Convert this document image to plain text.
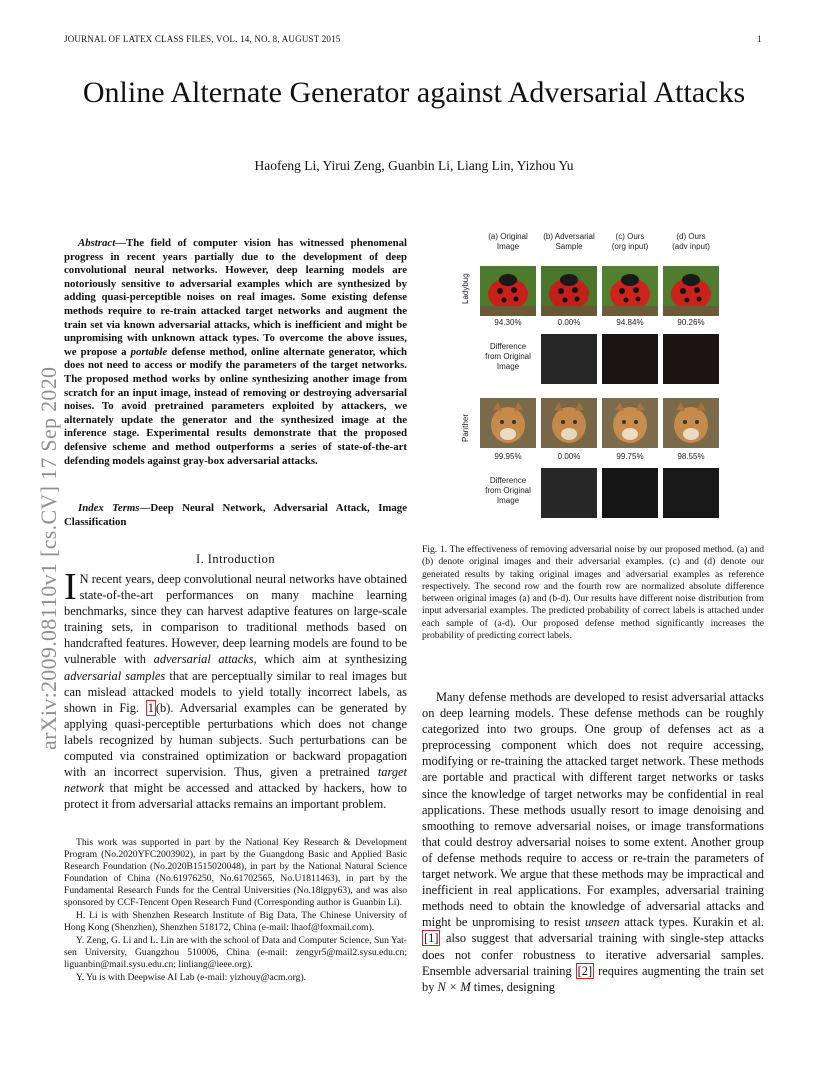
JOURNAL OF LATEX CLASS FILES, VOL. 14, NO. 8, AUGUST 2015	1
Online Alternate Generator against Adversarial Attacks
Haofeng Li, Yirui Zeng, Guanbin Li, Liang Lin, Yizhou Yu
arXiv:2009.08110v1 [cs.CV] 17 Sep 2020
Abstract—The field of computer vision has witnessed phenomenal progress in recent years partially due to the development of deep convolutional neural networks. However, deep learning models are notoriously sensitive to adversarial examples which are synthesized by adding quasi-perceptible noises on real images. Some existing defense methods require to re-train attacked target networks and augment the train set via known adversarial attacks, which is inefficient and might be unpromising with unknown attack types. To overcome the above issues, we propose a portable defense method, online alternate generator, which does not need to access or modify the parameters of the target networks. The proposed method works by online synthesizing another image from scratch for an input image, instead of removing or destroying adversarial noises. To avoid pretrained parameters exploited by attackers, we alternately update the generator and the synthesized image at the inference stage. Experimental results demonstrate that the proposed defensive scheme and method outperforms a series of state-of-the-art defending models against gray-box adversarial attacks.
Index Terms—Deep Neural Network, Adversarial Attack, Image Classification
I. Introduction
I N recent years, deep convolutional neural networks have obtained state-of-the-art performances on many machine learning benchmarks, since they can harvest adaptive features on large-scale training sets, in comparison to traditional methods based on handcrafted features. However, deep learning models are found to be vulnerable with adversarial attacks, which aim at synthesizing adversarial samples that are perceptually similar to real images but can mislead attacked models to yield totally incorrect labels, as shown in Fig. 1 (b). Adversarial examples can be generated by applying quasi-perceptible perturbations which does not change labels recognized by human subjects. Such perturbations can be computed via constrained optimization or backward propagation with an incorrect supervision. Thus, given a pretrained target network that might be accessed and attacked by hackers, how to protect it from adversarial attacks remains an important problem.

This work was supported in part by the National Key Research & Development Program (No.2020YFC2003902), in part by the Guangdong Basic and Applied Basic Research Foundation (No.2020B1515020048), in part by the National Natural Science Foundation of China (No.61976250, No.61702565, No.U1811463), in part by the Fundamental Research Funds for the Central Universities (No.18lgpy63), and was also sponsored by CCF-Tencent Open Research Fund (Corresponding author is Guanbin Li).

H. Li is with Shenzhen Research Institute of Big Data, The Chinese University of Hong Kong (Shenzhen), Shenzhen 518172, China (e-mail: lhaof@foxmail.com).

Y. Zeng, G. Li and L. Lin are with the school of Data and Computer Science, Sun Yat-sen University, Guangzhou 510006, China (e-mail: zengyr5@mail2.sysu.edu.cn; liguanbin@mail.sysu.edu.cn; linliang@ieee.org).

Y. Yu is with Deepwise AI Lab (e-mail: yizhouy@acm.org).

(a) Original
Image
(b) Adversarial
Sample
(c) Ours
(org input)
(d) Ours
(adv input)
Ladybug
94.30%	0.00%	94.84%	90.26%
Difference
from Original
Image
Panther
99.95%	0.00%	99.75%	98.55%
Difference
from Original
Image
Fig. 1. The effectiveness of removing adversarial noise by our proposed method. (a) and (b) denote original images and their adversarial examples. (c) and (d) denote our generated results by taking original images and adversarial examples as reference respectively. The second row and the fourth row are normalized absolute difference between original images (a) and (b-d). Our results have different noise distribution from input adversarial examples. The predicted probability of correct labels is attached under each sample of (a-d). Our proposed defense method significantly increases the probability of predicting correct labels.
Many defense methods are developed to resist adversarial attacks on deep learning models. These defense methods can be roughly categorized into two groups. One group of defenses act as a preprocessing component which does not require accessing, modifying or re-training the attacked target network. These methods are portable and practical with different target networks or tasks since the knowledge of target networks may be confidential in real applications. These methods usually resort to image denoising and smoothing to remove adversarial noises, or image transformations that could destroy adversarial noises to some extent. Another group of defense methods require to access or re-train the parameters of target network. We argue that these methods may be impractical and inefficient in real applications. For examples, adversarial training methods need to obtain the knowledge of adversarial attacks and might be unpromising to resist unseen attack types. Kurakin et al. [1] also suggest that adversarial training with single-step attacks does not confer robustness to iterative adversarial samples. Ensemble adversarial training [2] requires augmenting the train set by N × M times, designing
